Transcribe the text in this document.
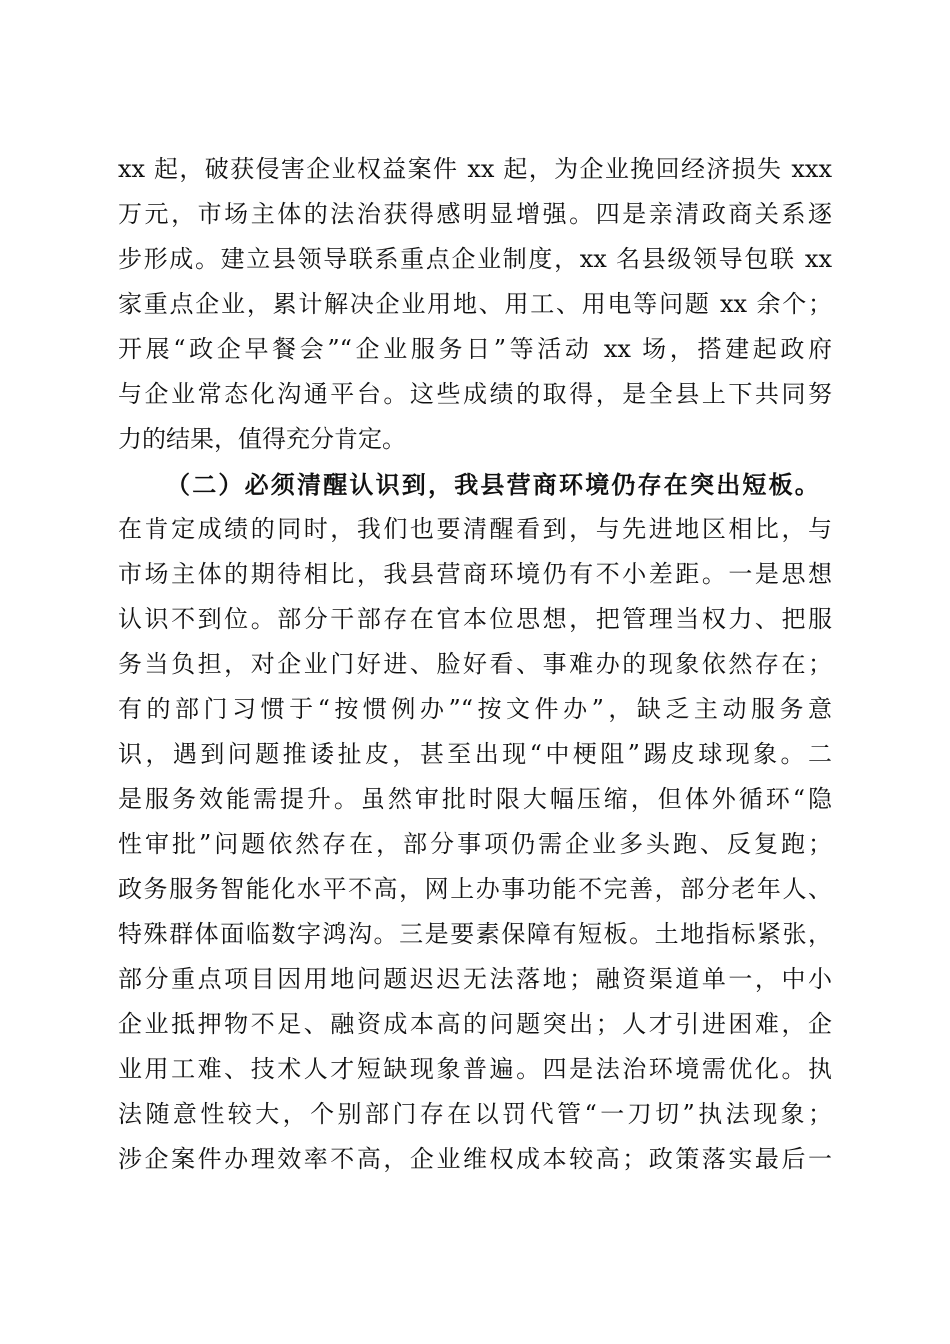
xx 起，破获侵害企业权益案件 xx 起，为企业挽回经济损失 xxx
万元，市场主体的法治获得感明显增强。四是亲清政商关系逐
步形成。建立县领导联系重点企业制度，xx 名县级领导包联 xx
家重点企业，累计解决企业用地、用工、用电等问题 xx 余个；
开展“政企早餐会”“企业服务日”等活动 xx 场，搭建起政府
与企业常态化沟通平台。这些成绩的取得，是全县上下共同努
力的结果，值得充分肯定。
（二）必须清醒认识到，我县营商环境仍存在突出短板。
在肯定成绩的同时，我们也要清醒看到，与先进地区相比，与
市场主体的期待相比，我县营商环境仍有不小差距。一是思想
认识不到位。部分干部存在官本位思想，把管理当权力、把服
务当负担，对企业门好进、脸好看、事难办的现象依然存在；
有的部门习惯于“按惯例办”“按文件办”，缺乏主动服务意
识，遇到问题推诿扯皮，甚至出现“中梗阻”踢皮球现象。二
是服务效能需提升。虽然审批时限大幅压缩，但体外循环“隐
性审批”问题依然存在，部分事项仍需企业多头跑、反复跑；
政务服务智能化水平不高，网上办事功能不完善，部分老年人、
特殊群体面临数字鸿沟。三是要素保障有短板。土地指标紧张，
部分重点项目因用地问题迟迟无法落地；融资渠道单一，中小
企业抵押物不足、融资成本高的问题突出；人才引进困难，企
业用工难、技术人才短缺现象普遍。四是法治环境需优化。执
法随意性较大，个别部门存在以罚代管“一刀切”执法现象；
涉企案件办理效率不高，企业维权成本较高；政策落实最后一
